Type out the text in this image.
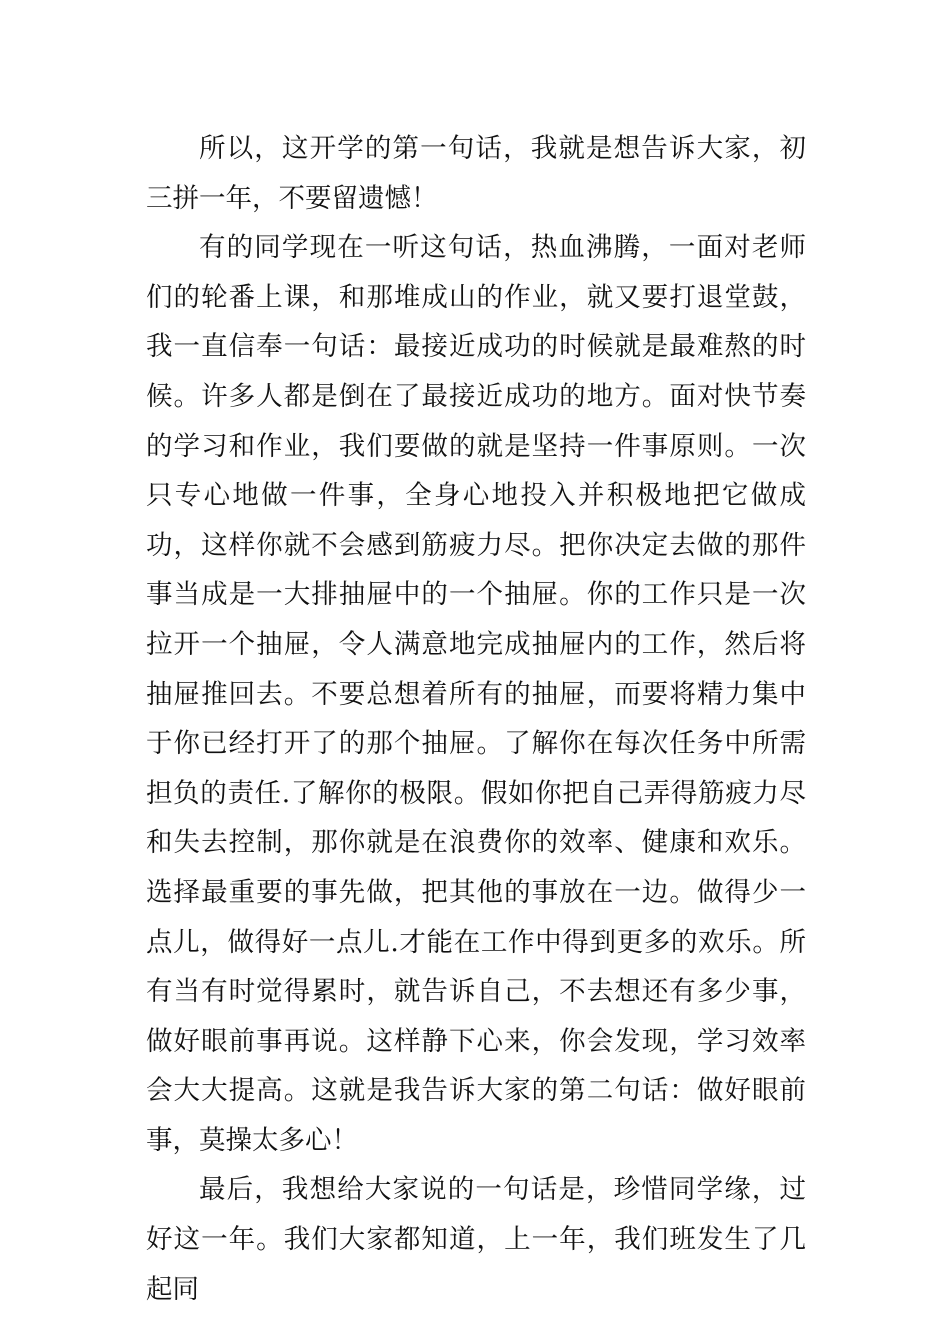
所以，这开学的第一句话，我就是想告诉大家，初三拼一年，不要留遗憾！

有的同学现在一听这句话，热血沸腾，一面对老师们的轮番上课，和那堆成山的作业，就又要打退堂鼓，我一直信奉一句话：最接近成功的时候就是最难熬的时候。许多人都是倒在了最接近成功的地方。面对快节奏的学习和作业，我们要做的就是坚持一件事原则。一次只专心地做一件事，全身心地投入并积极地把它做成功，这样你就不会感到筋疲力尽。把你决定去做的那件事当成是一大排抽屉中的一个抽屉。你的工作只是一次拉开一个抽屉，令人满意地完成抽屉内的工作，然后将抽屉推回去。不要总想着所有的抽屉，而要将精力集中于你已经打开了的那个抽屉。了解你在每次任务中所需担负的责任.了解你的极限。假如你把自己弄得筋疲力尽和失去控制，那你就是在浪费你的效率、健康和欢乐。选择最重要的事先做，把其他的事放在一边。做得少一点儿，做得好一点儿.才能在工作中得到更多的欢乐。所有当有时觉得累时，就告诉自己，不去想还有多少事，做好眼前事再说。这样静下心来，你会发现，学习效率会大大提高。这就是我告诉大家的第二句话：做好眼前事，莫操太多心！

最后，我想给大家说的一句话是，珍惜同学缘，过好这一年。我们大家都知道，上一年，我们班发生了几起同
